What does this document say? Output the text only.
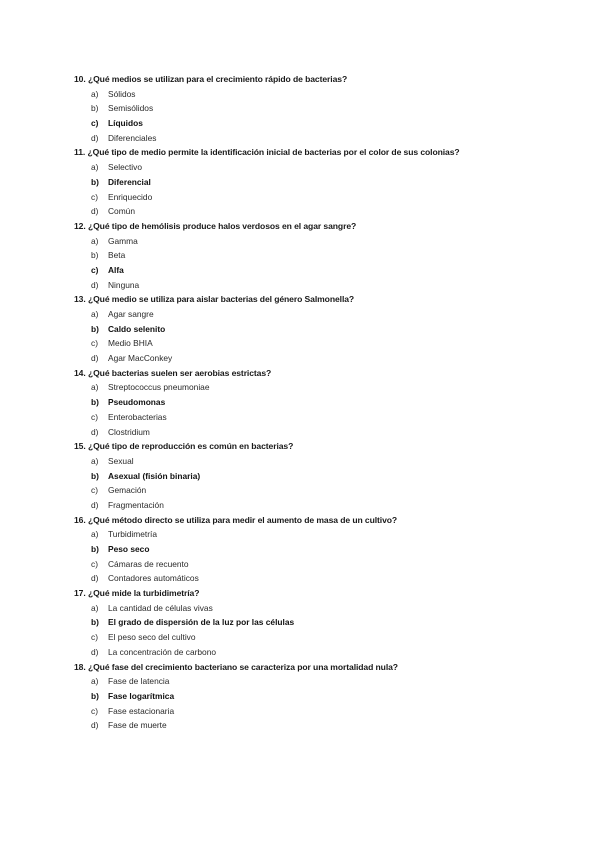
10. ¿Qué medios se utilizan para el crecimiento rápido de bacterias?
a)	Sólidos
b)	Semisólidos
c)	Líquidos
d)	Diferenciales
11. ¿Qué tipo de medio permite la identificación inicial de bacterias por el color de sus colonias?
a)	Selectivo
b)	Diferencial
c)	Enriquecido
d)	Común
12. ¿Qué tipo de hemólisis produce halos verdosos en el agar sangre?
a)	Gamma
b)	Beta
c)	Alfa
d)	Ninguna
13. ¿Qué medio se utiliza para aislar bacterias del género Salmonella?
a)	Agar sangre
b)	Caldo selenito
c)	Medio BHIA
d)	Agar MacConkey
14. ¿Qué bacterias suelen ser aerobias estrictas?
a)	Streptococcus pneumoniae
b)	Pseudomonas
c)	Enterobacterias
d)	Clostridium
15. ¿Qué tipo de reproducción es común en bacterias?
a)	Sexual
b)	Asexual (fisión binaria)
c)	Gemación
d)	Fragmentación
16. ¿Qué método directo se utiliza para medir el aumento de masa de un cultivo?
a)	Turbidimetría
b)	Peso seco
c)	Cámaras de recuento
d)	Contadores automáticos
17. ¿Qué mide la turbidimetría?
a)	La cantidad de células vivas
b)	El grado de dispersión de la luz por las células
c)	El peso seco del cultivo
d)	La concentración de carbono
18. ¿Qué fase del crecimiento bacteriano se caracteriza por una mortalidad nula?
a)	Fase de latencia
b)	Fase logarítmica
c)	Fase estacionaria
d)	Fase de muerte
